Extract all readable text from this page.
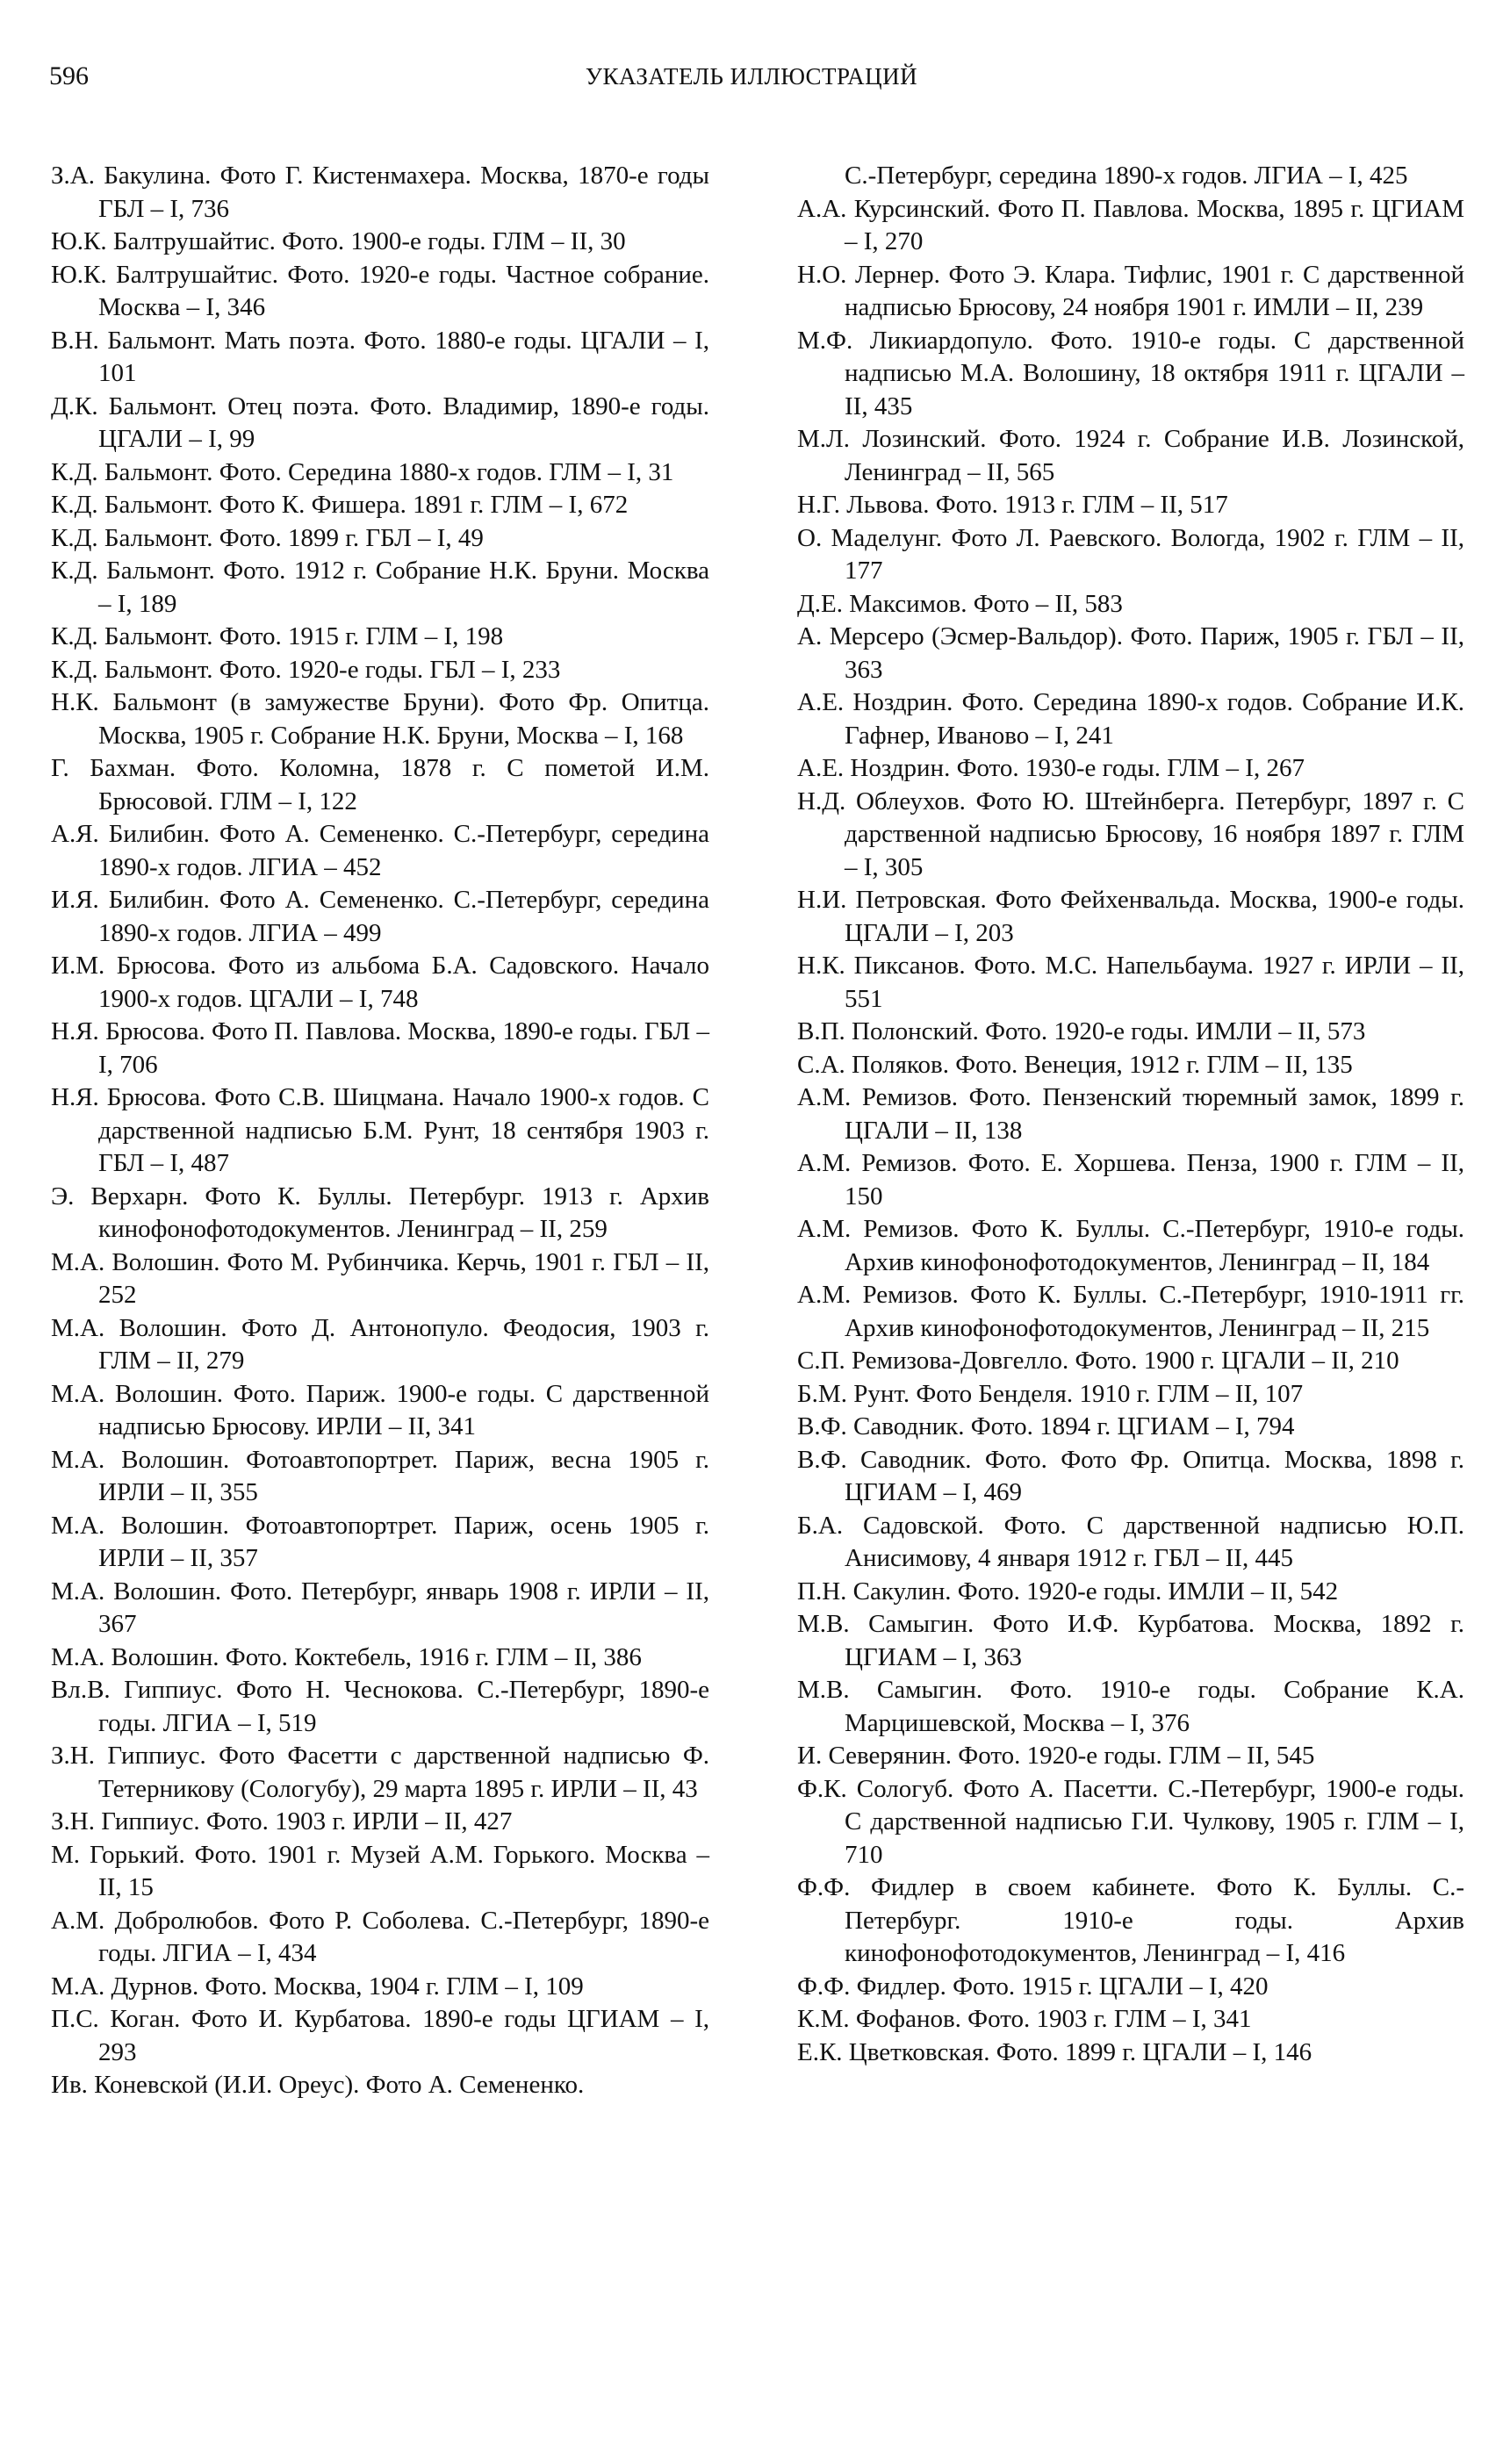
596	УКАЗАТЕЛЬ ИЛЛЮСТРАЦИЙ

З.А. Бакулина. Фото Г. Кистенмахера. Москва, 1870-е годы ГБЛ – I, 736

Ю.К. Балтрушайтис. Фото. 1900-е годы. ГЛМ – II, 30

Ю.К. Балтрушайтис. Фото. 1920-е годы. Частное собрание. Москва – I, 346

В.Н. Бальмонт. Мать поэта. Фото. 1880-е годы. ЦГАЛИ – I, 101

Д.К. Бальмонт. Отец поэта. Фото. Владимир, 1890-е годы. ЦГАЛИ – I, 99

К.Д. Бальмонт. Фото. Середина 1880-х годов. ГЛМ – I, 31

К.Д. Бальмонт. Фото К. Фишера. 1891 г. ГЛМ – I, 672

К.Д. Бальмонт. Фото. 1899 г. ГБЛ – I, 49

К.Д. Бальмонт. Фото. 1912 г. Собрание Н.К. Бруни. Москва – I, 189

К.Д. Бальмонт. Фото. 1915 г. ГЛМ – I, 198

К.Д. Бальмонт. Фото. 1920-е годы. ГБЛ – I, 233

Н.К. Бальмонт (в замужестве Бруни). Фото Фр. Опитца. Москва, 1905 г. Собрание Н.К. Бруни, Москва – I, 168

Г. Бахман. Фото. Коломна, 1878 г. С пометой И.М. Брюсовой. ГЛМ – I, 122

А.Я. Билибин. Фото А. Семененко. С.-Петербург, середина 1890-х годов. ЛГИА – 452

И.Я. Билибин. Фото А. Семененко. С.-Петербург, середина 1890-х годов. ЛГИА – 499

И.М. Брюсова. Фото из альбома Б.А. Садовского. Начало 1900-х годов. ЦГАЛИ – I, 748

Н.Я. Брюсова. Фото П. Павлова. Москва, 1890-е годы. ГБЛ – I, 706

Н.Я. Брюсова. Фото С.В. Шицмана. Начало 1900-х годов. С дарственной надписью Б.М. Рунт, 18 сентября 1903 г. ГБЛ – I, 487

Э. Верхарн. Фото К. Буллы. Петербург. 1913 г. Архив кинофонофотодокументов. Ленинград – II, 259

М.А. Волошин. Фото М. Рубинчика. Керчь, 1901 г. ГБЛ – II, 252

М.А. Волошин. Фото Д. Антонопуло. Феодосия, 1903 г. ГЛМ – II, 279

М.А. Волошин. Фото. Париж. 1900-е годы. С дарственной надписью Брюсову. ИРЛИ – II, 341

М.А. Волошин. Фотоавтопортрет. Париж, весна 1905 г. ИРЛИ – II, 355

М.А. Волошин. Фотоавтопортрет. Париж, осень 1905 г. ИРЛИ – II, 357

М.А. Волошин. Фото. Петербург, январь 1908 г. ИРЛИ – II, 367

М.А. Волошин. Фото. Коктебель, 1916 г. ГЛМ – II, 386

Вл.В. Гиппиус. Фото Н. Чеснокова. С.-Петербург, 1890-е годы. ЛГИА – I, 519

З.Н. Гиппиус. Фото Фасетти с дарственной надписью Ф. Тетерникову (Сологубу), 29 марта 1895 г. ИРЛИ – II, 43

З.Н. Гиппиус. Фото. 1903 г. ИРЛИ – II, 427

М. Горький. Фото. 1901 г. Музей А.М. Горького. Москва – II, 15

А.М. Добролюбов. Фото Р. Соболева. С.-Петербург, 1890-е годы. ЛГИА – I, 434

М.А. Дурнов. Фото. Москва, 1904 г. ГЛМ – I, 109

П.С. Коган. Фото И. Курбатова. 1890-е годы ЦГИАМ – I, 293

Ив. Коневской (И.И. Ореус). Фото А. Семененко.

С.-Петербург, середина 1890-х годов. ЛГИА – I, 425

А.А. Курсинский. Фото П. Павлова. Москва, 1895 г. ЦГИАМ – I, 270

Н.О. Лернер. Фото Э. Клара. Тифлис, 1901 г. С дарственной надписью Брюсову, 24 ноября 1901 г. ИМЛИ – II, 239

М.Ф. Ликиардопуло. Фото. 1910-е годы. С дарственной надписью М.А. Волошину, 18 октября 1911 г. ЦГАЛИ – II, 435

М.Л. Лозинский. Фото. 1924 г. Собрание И.В. Лозинской, Ленинград – II, 565

Н.Г. Львова. Фото. 1913 г. ГЛМ – II, 517

О. Маделунг. Фото Л. Раевского. Вологда, 1902 г. ГЛМ – II, 177

Д.Е. Максимов. Фото – II, 583

А. Мерсеро (Эсмер-Вальдор). Фото. Париж, 1905 г. ГБЛ – II, 363

А.Е. Ноздрин. Фото. Середина 1890-х годов. Собрание И.К. Гафнер, Иваново – I, 241

А.Е. Ноздрин. Фото. 1930-е годы. ГЛМ – I, 267

Н.Д. Облеухов. Фото Ю. Штейнберга. Петербург, 1897 г. С дарственной надписью Брюсову, 16 ноября 1897 г. ГЛМ – I, 305

Н.И. Петровская. Фото Фейхенвальда. Москва, 1900-е годы. ЦГАЛИ – I, 203

Н.К. Пиксанов. Фото. М.С. Напельбаума. 1927 г. ИРЛИ – II, 551

В.П. Полонский. Фото. 1920-е годы. ИМЛИ – II, 573

С.А. Поляков. Фото. Венеция, 1912 г. ГЛМ – II, 135

А.М. Ремизов. Фото. Пензенский тюремный замок, 1899 г. ЦГАЛИ – II, 138

А.М. Ремизов. Фото. Е. Хоршева. Пенза, 1900 г. ГЛМ – II, 150

А.М. Ремизов. Фото К. Буллы. С.-Петербург, 1910-е годы. Архив кинофонофотодокументов, Ленинград – II, 184

А.М. Ремизов. Фото К. Буллы. С.-Петербург, 1910-1911 гг. Архив кинофонофотодокументов, Ленинград – II, 215

С.П. Ремизова-Довгелло. Фото. 1900 г. ЦГАЛИ – II, 210

Б.М. Рунт. Фото Бенделя. 1910 г. ГЛМ – II, 107

В.Ф. Саводник. Фото. 1894 г. ЦГИАМ – I, 794

В.Ф. Саводник. Фото. Фото Фр. Опитца. Москва, 1898 г. ЦГИАМ – I, 469

Б.А. Садовской. Фото. С дарственной надписью Ю.П. Анисимову, 4 января 1912 г. ГБЛ – II, 445

П.Н. Сакулин. Фото. 1920-е годы. ИМЛИ – II, 542

М.В. Самыгин. Фото И.Ф. Курбатова. Москва, 1892 г. ЦГИАМ – I, 363

М.В. Самыгин. Фото. 1910-е годы. Собрание К.А. Марцишевской, Москва – I, 376

И. Северянин. Фото. 1920-е годы. ГЛМ – II, 545

Ф.К. Сологуб. Фото А. Пасетти. С.-Петербург, 1900-е годы. С дарственной надписью Г.И. Чулкову, 1905 г. ГЛМ – I, 710

Ф.Ф. Фидлер в своем кабинете. Фото К. Буллы. С.-Петербург. 1910-е годы. Архив кинофонофотодокументов, Ленинград – I, 416

Ф.Ф. Фидлер. Фото. 1915 г. ЦГАЛИ – I, 420

К.М. Фофанов. Фото. 1903 г. ГЛМ – I, 341

Е.К. Цветковская. Фото. 1899 г. ЦГАЛИ – I, 146
